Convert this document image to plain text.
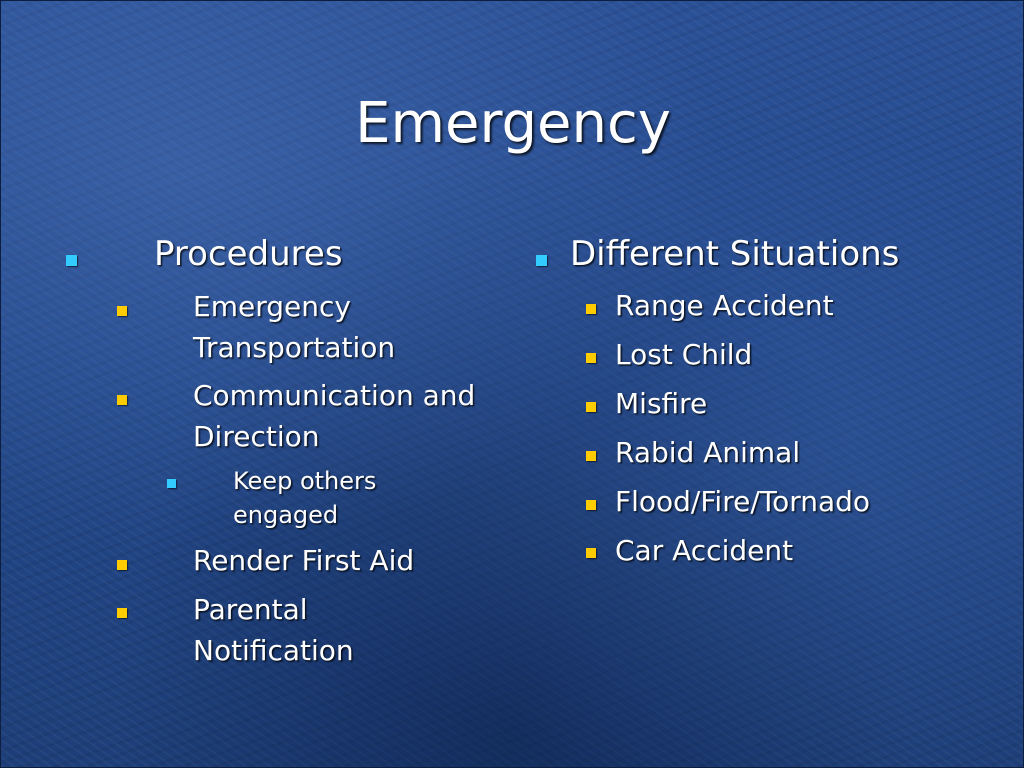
Emergency
Procedures
Emergency
Transportation
Communication and
Direction
Keep others
engaged
Render First Aid
Parental
Notification
Different Situations
Range Accident
Lost Child
Misfire
Rabid Animal
Flood/Fire/Tornado
Car Accident
